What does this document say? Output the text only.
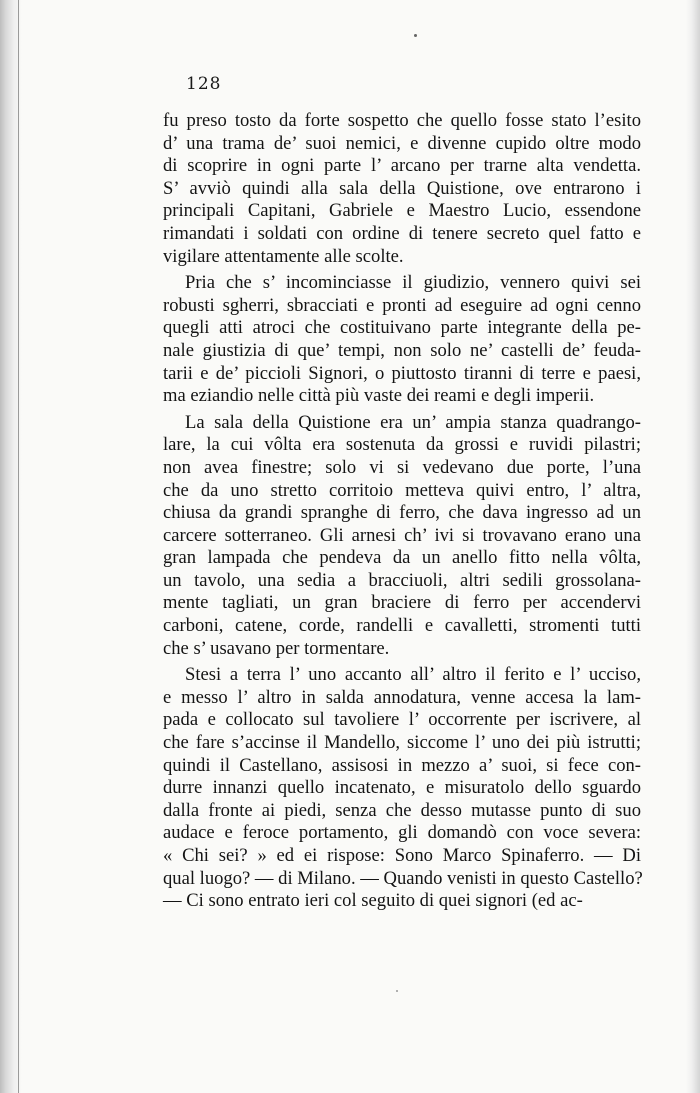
128
fu preso tosto da forte sospetto che quello fosse stato l’esito
d’ una trama de’ suoi nemici, e divenne cupido oltre modo
di scoprire in ogni parte l’ arcano per trarne alta vendetta.
S’ avviò quindi alla sala della Quistione, ove entrarono i
principali Capitani, Gabriele e Maestro Lucio, essendone
rimandati i soldati con ordine di tenere secreto quel fatto e
vigilare attentamente alle scolte.
Pria che s’ incominciasse il giudizio, vennero quivi sei
robusti sgherri, sbracciati e pronti ad eseguire ad ogni cenno
quegli atti atroci che costituivano parte integrante della pe-
nale giustizia di que’ tempi, non solo ne’ castelli de’ feuda-
tarii e de’ piccioli Signori, o piuttosto tiranni di terre e paesi,
ma eziandio nelle città più vaste dei reami e degli imperii.
La sala della Quistione era un’ ampia stanza quadrango-
lare, la cui vôlta era sostenuta da grossi e ruvidi pilastri;
non avea finestre; solo vi si vedevano due porte, l’una
che da uno stretto corritoio metteva quivi entro, l’ altra,
chiusa da grandi spranghe di ferro, che dava ingresso ad un
carcere sotterraneo. Gli arnesi ch’ ivi si trovavano erano una
gran lampada che pendeva da un anello fitto nella vôlta,
un tavolo, una sedia a bracciuoli, altri sedili grossolana-
mente tagliati, un gran braciere di ferro per accendervi
carboni, catene, corde, randelli e cavalletti, stromenti tutti
che s’ usavano per tormentare.
Stesi a terra l’ uno accanto all’ altro il ferito e l’ ucciso,
e messo l’ altro in salda annodatura, venne accesa la lam-
pada e collocato sul tavoliere l’ occorrente per iscrivere, al
che fare s’accinse il Mandello, siccome l’ uno dei più istrutti;
quindi il Castellano, assisosi in mezzo a’ suoi, si fece con-
durre innanzi quello incatenato, e misuratolo dello sguardo
dalla fronte ai piedi, senza che desso mutasse punto di suo
audace e feroce portamento, gli domandò con voce severa:
« Chi sei? » ed ei rispose: Sono Marco Spinaferro. — Di
qual luogo? — di Milano. — Quando venisti in questo Castello?
— Ci sono entrato ieri col seguito di quei signori (ed ac-
